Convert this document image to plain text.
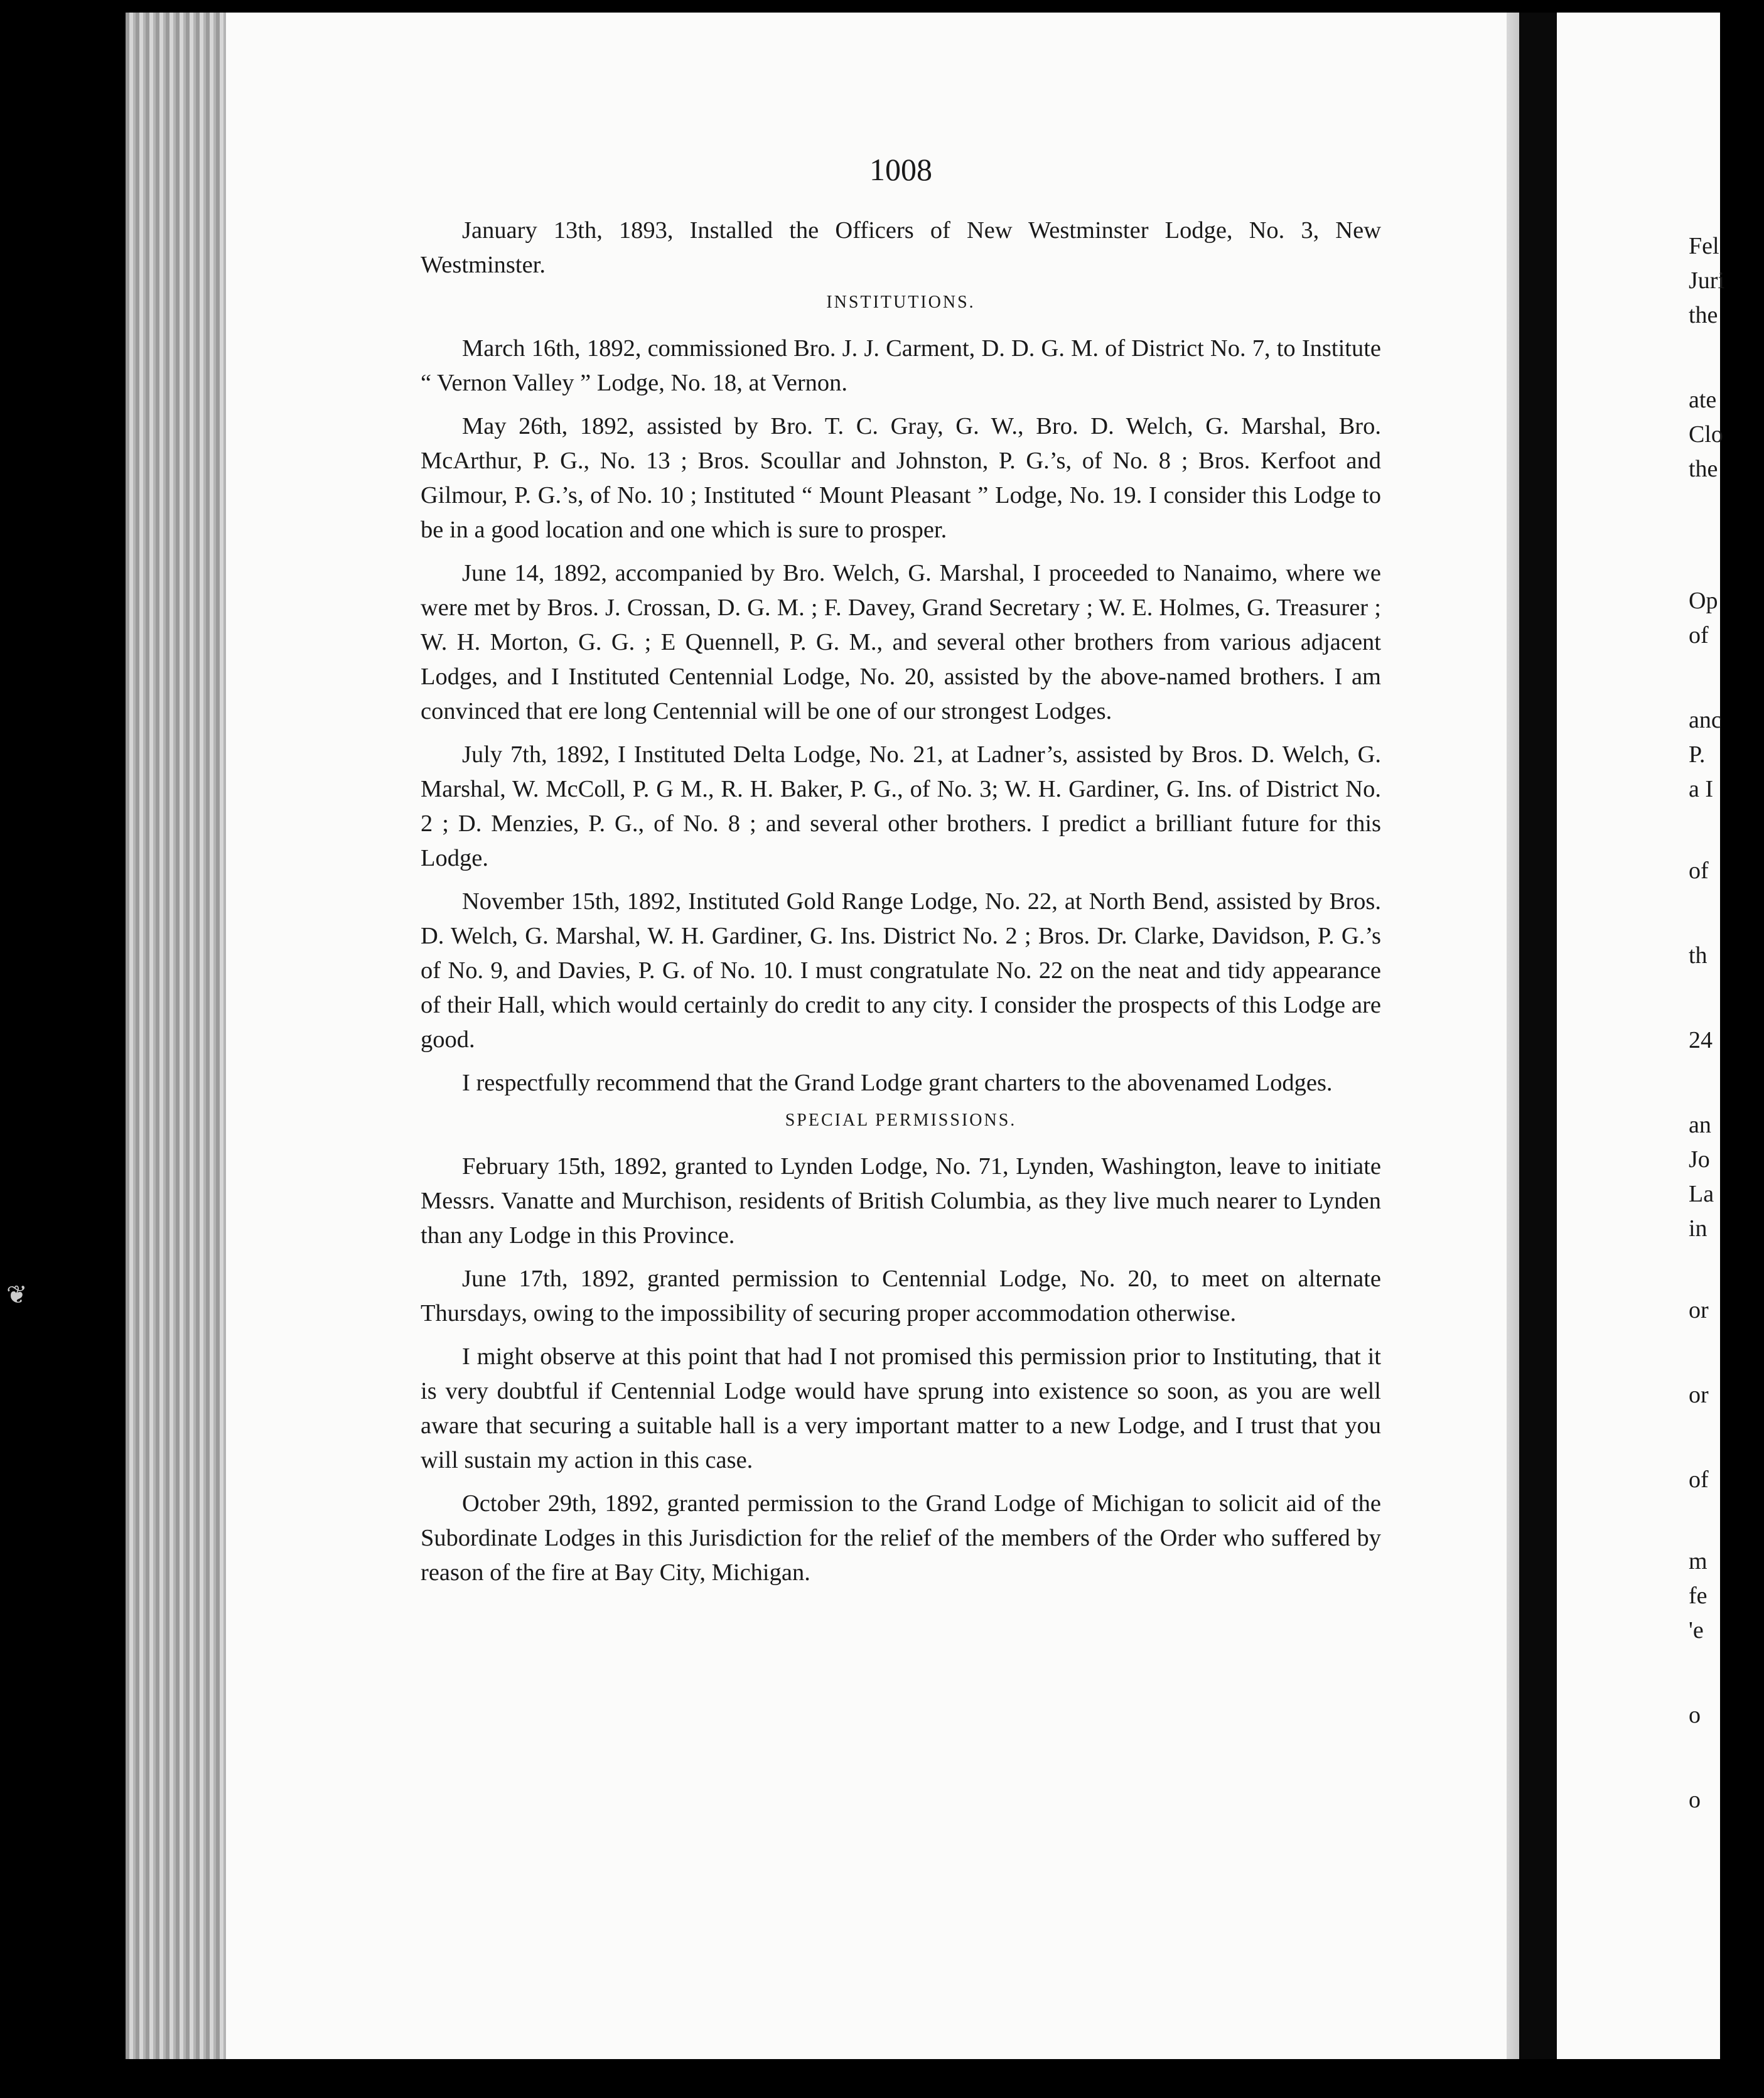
❦
1008

January 13th, 1893, Installed the Officers of New Westminster Lodge, No. 3, New Westminster.

INSTITUTIONS.

March 16th, 1892, commissioned Bro. J. J. Carment, D. D. G. M. of District No. 7, to Institute “ Vernon Valley ” Lodge, No. 18, at Vernon.

May 26th, 1892, assisted by Bro. T. C. Gray, G. W., Bro. D. Welch, G. Marshal, Bro. McArthur, P. G., No. 13 ; Bros. Scoullar and Johnston, P. G.’s, of No. 8 ; Bros. Kerfoot and Gilmour, P. G.’s, of No. 10 ; Instituted “ Mount Pleasant ” Lodge, No. 19. I consider this Lodge to be in a good location and one which is sure to prosper.

June 14, 1892, accompanied by Bro. Welch, G. Marshal, I proceeded to Nanaimo, where we were met by Bros. J. Crossan, D. G. M. ; F. Davey, Grand Secretary ; W. E. Holmes, G. Treasurer ; W. H. Morton, G. G. ; E Quennell, P. G. M., and several other brothers from various adjacent Lodges, and I Instituted Centennial Lodge, No. 20, assisted by the above-named brothers. I am convinced that ere long Centennial will be one of our strongest Lodges.

July 7th, 1892, I Instituted Delta Lodge, No. 21, at Ladner’s, assisted by Bros. D. Welch, G. Marshal, W. McColl, P. G M., R. H. Baker, P. G., of No. 3; W. H. Gardiner, G. Ins. of District No. 2 ; D. Menzies, P. G., of No. 8 ; and several other brothers. I predict a brilliant future for this Lodge.

November 15th, 1892, Instituted Gold Range Lodge, No. 22, at North Bend, assisted by Bros. D. Welch, G. Marshal, W. H. Gardiner, G. Ins. District No. 2 ; Bros. Dr. Clarke, Davidson, P. G.’s of No. 9, and Davies, P. G. of No. 10. I must congratulate No. 22 on the neat and tidy appearance of their Hall, which would certainly do credit to any city. I consider the prospects of this Lodge are good.

I respectfully recommend that the Grand Lodge grant charters to the abovenamed Lodges.

SPECIAL PERMISSIONS.

February 15th, 1892, granted to Lynden Lodge, No. 71, Lynden, Washington, leave to initiate Messrs. Vanatte and Murchison, residents of British Columbia, as they live much nearer to Lynden than any Lodge in this Province.

June 17th, 1892, granted permission to Centennial Lodge, No. 20, to meet on alternate Thursdays, owing to the impossibility of securing proper accommodation otherwise.

I might observe at this point that had I not promised this permission prior to Instituting, that it is very doubtful if Centennial Lodge would have sprung into existence so soon, as you are well aware that securing a suitable hall is a very important matter to a new Lodge, and I trust that you will sustain my action in this case.

October 29th, 1892, granted permission to the Grand Lodge of Michigan to solicit aid of the Subordinate Lodges in this Jurisdiction for the relief of the members of the Order who suffered by reason of the fire at Bay City, Michigan.

Fel
Juri
the
ate
Clo
the
Op
of
anc
P.
a I
of
th
24
an
Jo
La
in
or
or
of
m
fe
'e
o
o
